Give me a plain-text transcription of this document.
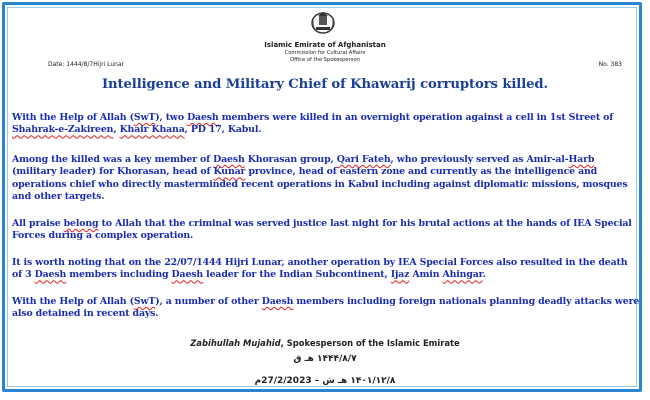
Islamic Emirate of Afghanistan
Commission for Cultural Affairs
Office of the Spokesperson
Date: 1444/8/7Hijri Lunar	No. 383
Intelligence and Military Chief of Khawarij corruptors killed.
With the Help of Allah (SwT), two Daesh members were killed in an overnight operation against a cell in 1st Street of Shahrak-e-Zakireen, Khair Khana, PD 17, Kabul.
Among the killed was a key member of Daesh Khorasan group, Qari Fateh, who previously served as Amir-al-Harb (military leader) for Khorasan, head of Kunar province, head of eastern zone and currently as the intelligence and operations chief who directly masterminded recent operations in Kabul including against diplomatic missions, mosques and other targets.
All praise belong to Allah that the criminal was served justice last night for his brutal actions at the hands of IEA Special Forces during a complex operation.
It is worth noting that on the 22/07/1444 Hijri Lunar, another operation by IEA Special Forces also resulted in the death of 3 Daesh members including Daesh leader for the Indian Subcontinent, Ijaz Amin Ahingar.
With the Help of Allah (SwT), a number of other Daesh members including foreign nationals planning deadly attacks were also detained in recent days.
Zabihullah Mujahid, Spokesperson of the Islamic Emirate
۱۴۴۴/۸/۷ هـ ق
۱۴۰۱/۱۲/۸ هـ ش – 27/2/2023م
